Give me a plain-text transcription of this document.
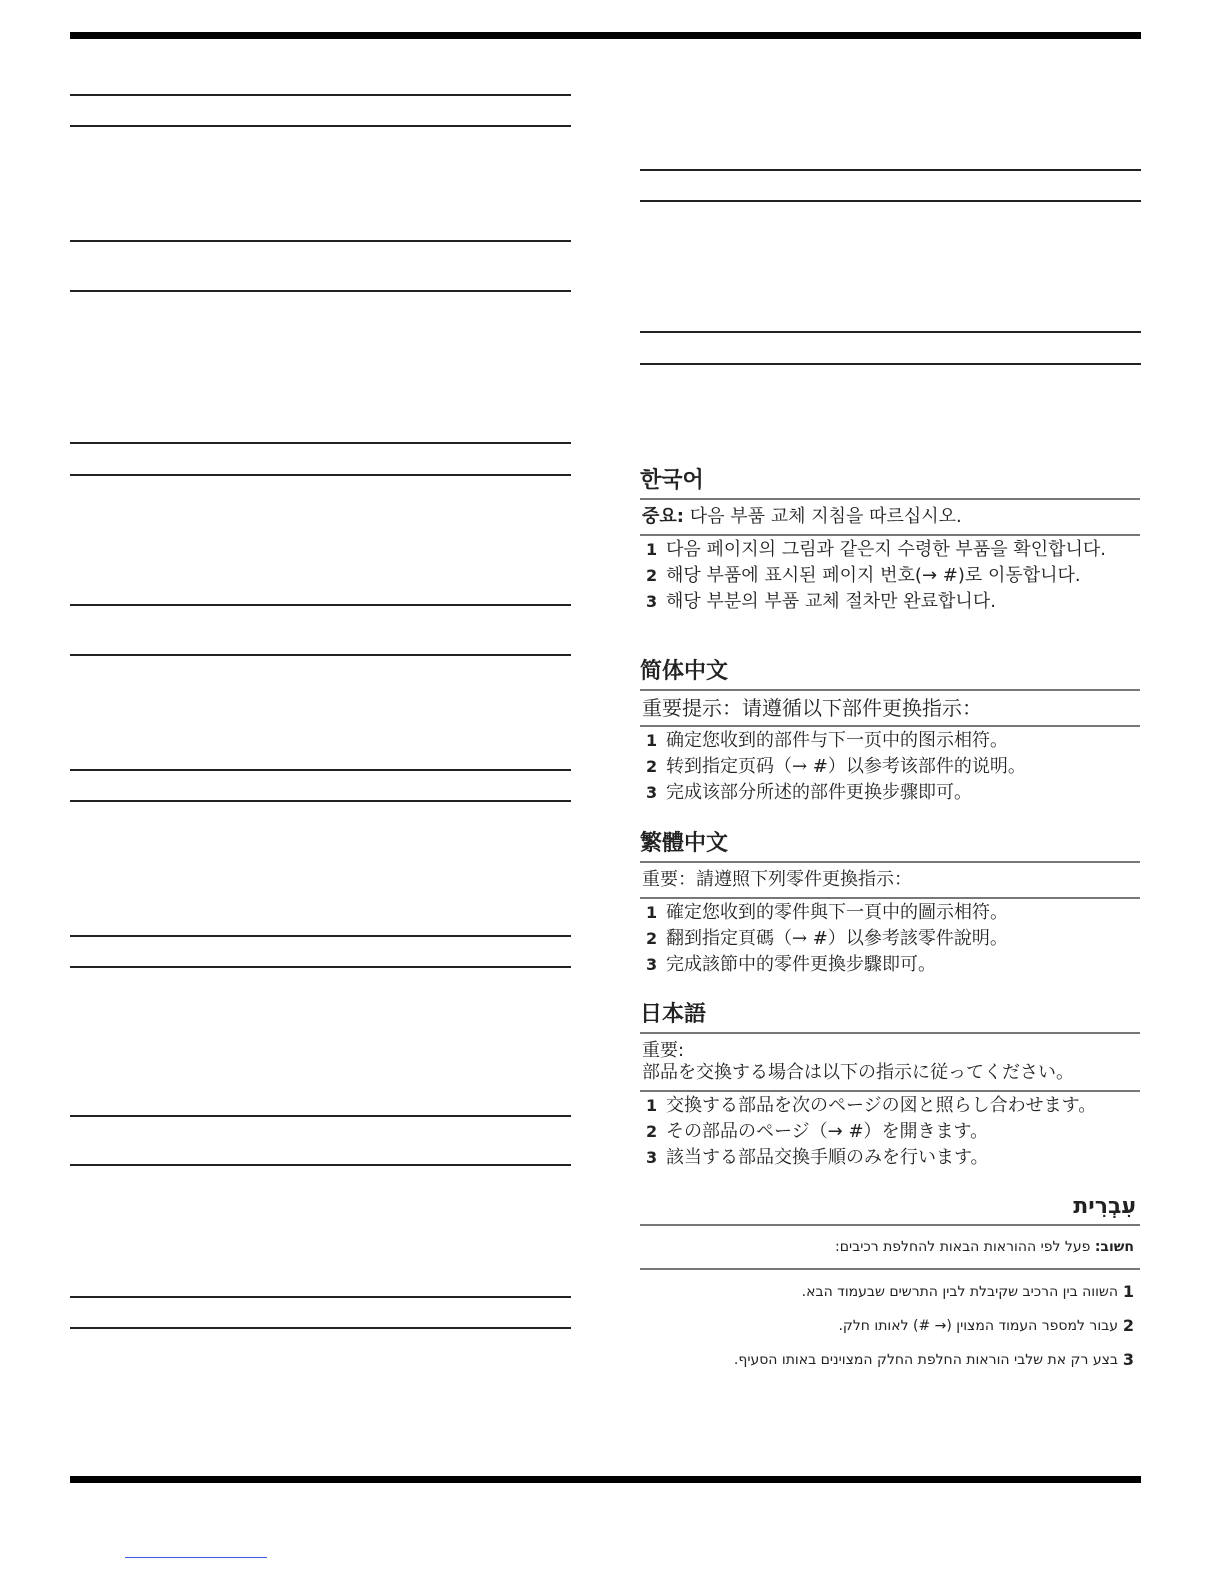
한국어
중요: 다음 부품 교체 지침을 따르십시오.
1 다음 페이지의 그림과 같은지 수령한 부품을 확인합니다.
2 해당 부품에 표시된 페이지 번호(→ #)로 이동합니다.
3 해당 부분의 부품 교체 절차만 완료합니다.
简体中文
重要提示：请遵循以下部件更换指示：
1 确定您收到的部件与下一页中的图示相符。
2 转到指定页码（→ #）以参考该部件的说明。
3 完成该部分所述的部件更换步骤即可。
繁體中文
重要：請遵照下列零件更換指示：
1 確定您收到的零件與下一頁中的圖示相符。
2 翻到指定頁碼（→ #）以參考該零件說明。
3 完成該節中的零件更換步驟即可。
日本語
重要:
部品を交換する場合は以下の指示に従ってください。
1 交換する部品を次のページの図と照らし合わせます。
2 その部品のページ（→ #）を開きます。
3 該当する部品交換手順のみを行います。
עִבְרִית
חשוב: פעל לפי ההוראות הבאות להחלפת רכיבים:
1
השווה בין הרכיב שקיבלת לבין התרשים שבעמוד הבא.
2
עבור למספר העמוד המצוין (→ #) לאותו חלק.
3
בצע רק את שלבי הוראות החלפת החלק המצוינים באותו הסעיף.
